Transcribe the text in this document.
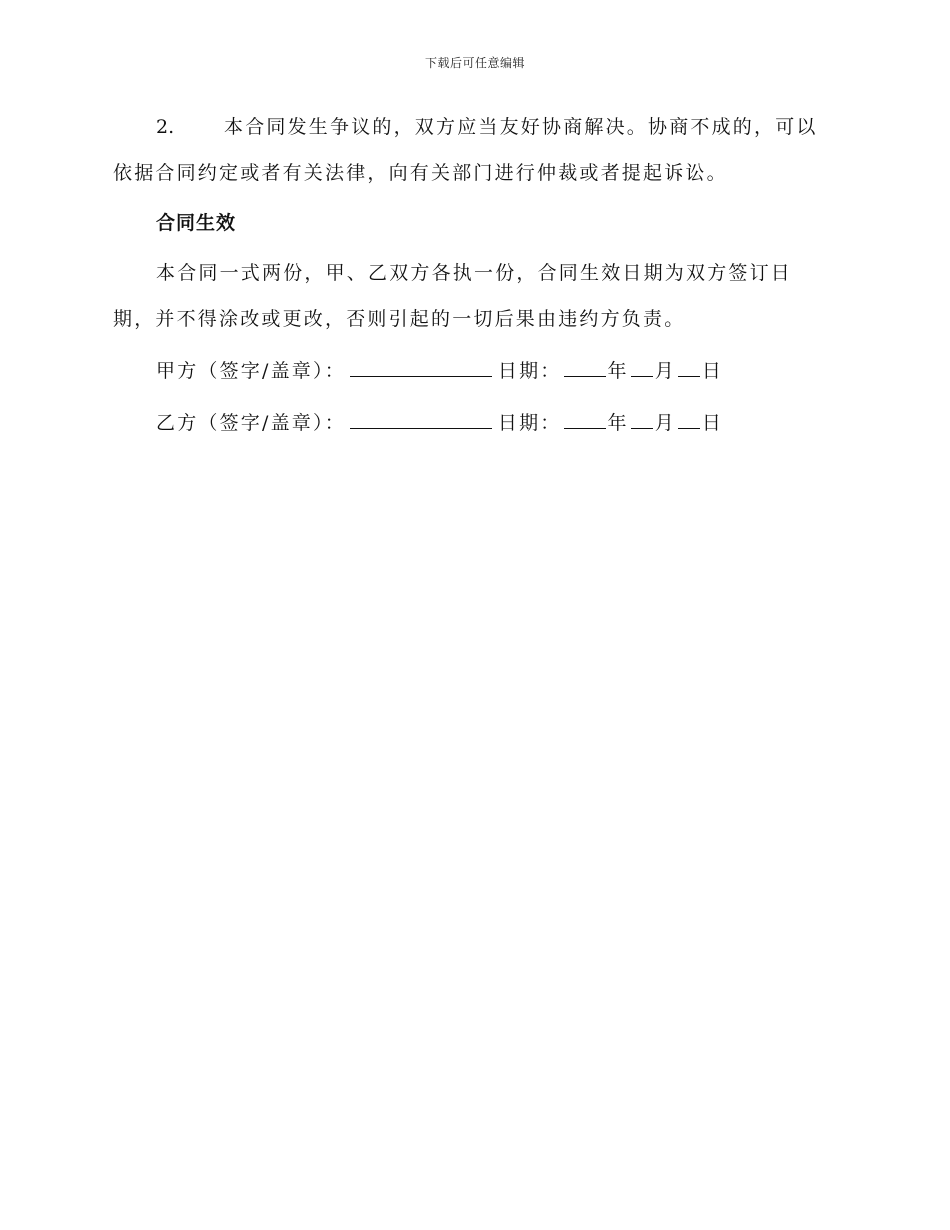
下载后可任意编辑

2.	本合同发生争议的，双方应当友好协商解决。协商不成的，可以
依据合同约定或者有关法律，向有关部门进行仲裁或者提起诉讼。

合同生效

本合同一式两份，甲、乙双方各执一份，合同生效日期为双方签订日
期，并不得涂改或更改，否则引起的一切后果由违约方负责。

甲方（签字/盖章）：	日期： 年 月 日
乙方（签字/盖章）：	日期： 年 月 日
